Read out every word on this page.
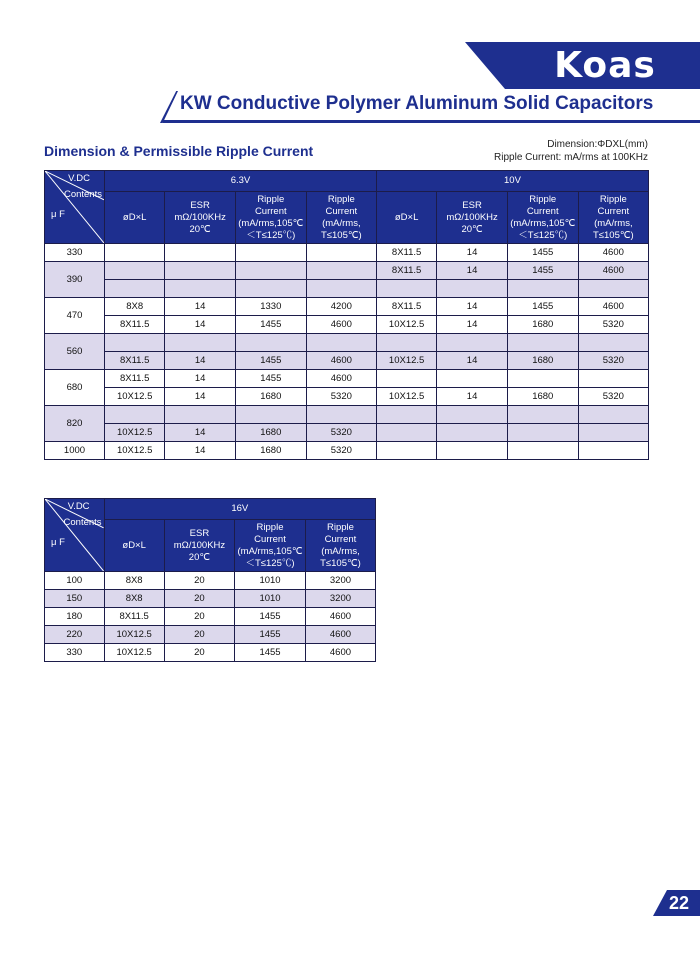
Koas
KW Conductive Polymer Aluminum Solid Capacitors
Dimension & Permissible Ripple Current	Dimension:ΦDXL(mm)
Ripple Current: mA/rms at 100KHz
V.DC
Contents
μ F	6.3V				10V			
	øD×L	ESR
mΩ/100KHz
20℃	Ripple
Current
(mA/rms,105℃
＜T≤125℃)	Ripple
Current
(mA/rms,
T≤105℃)	øD×L	ESR
mΩ/100KHz
20℃	Ripple
Current
(mA/rms,105℃
＜T≤125℃)	Ripple
Current
(mA/rms,
T≤105℃)
330					8X11.5	14	1455	4600
390					8X11.5	14	1455	4600

470	8X8	14	1330	4200	8X11.5	14	1455	4600
	8X11.5	14	1455	4600	10X12.5	14	1680	5320
560								
	8X11.5	14	1455	4600	10X12.5	14	1680	5320
680	8X11.5	14	1455	4600				
	10X12.5	14	1680	5320	10X12.5	14	1680	5320
820								
	10X12.5	14	1680	5320				
1000	10X12.5	14	1680	5320				
V.DC
Contents
μ F	16V			
	øD×L	ESR
mΩ/100KHz
20℃	Ripple
Current
(mA/rms,105℃
＜T≤125℃)	Ripple
Current
(mA/rms,
T≤105℃)
100	8X8	20	1010	3200
150	8X8	20	1010	3200
180	8X11.5	20	1455	4600
220	10X12.5	20	1455	4600
330	10X12.5	20	1455	4600
22
